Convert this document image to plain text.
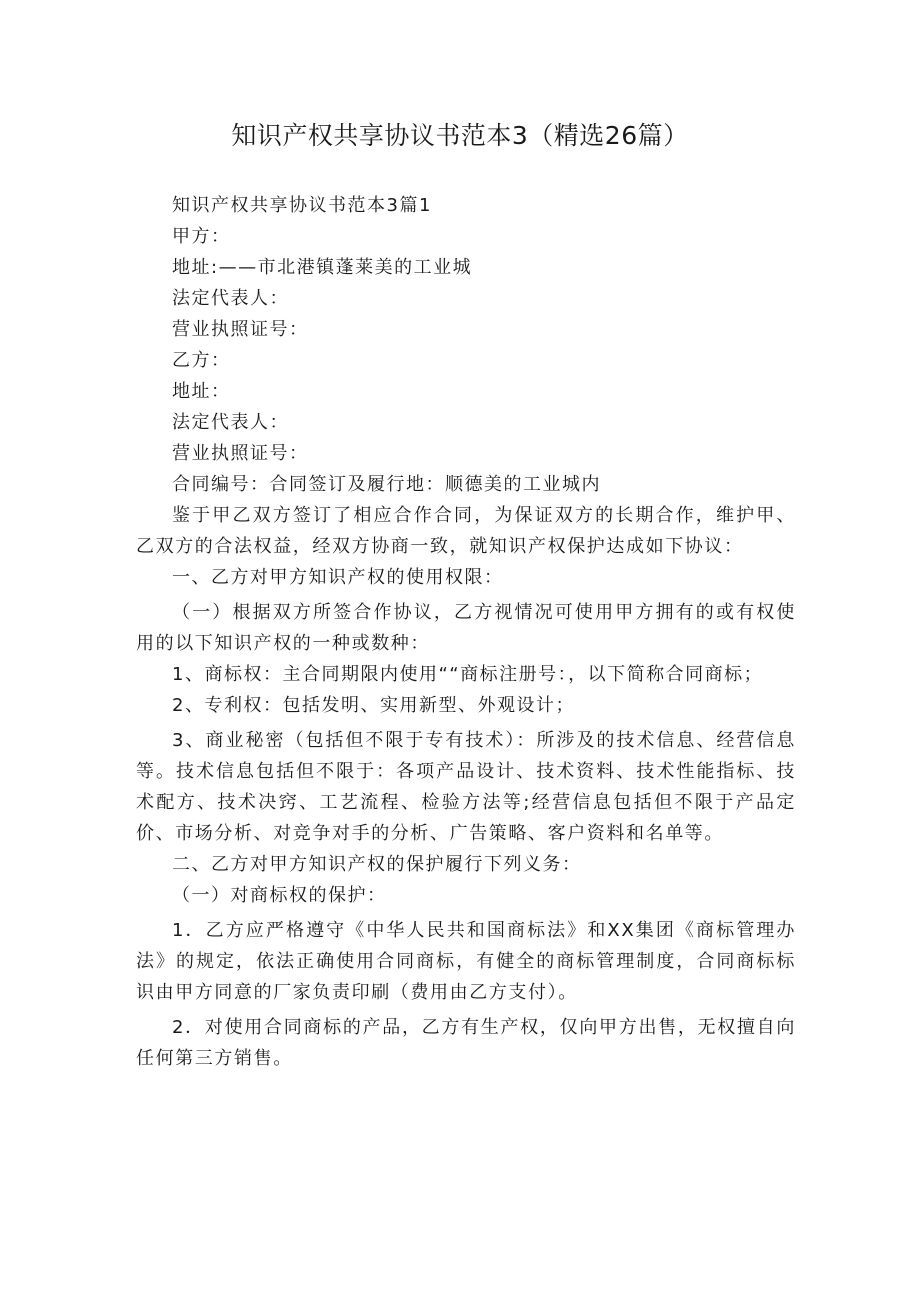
知识产权共享协议书范本3（精选26篇）

知识产权共享协议书范本3篇1

甲方：

地址:——市北港镇蓬莱美的工业城

法定代表人：

营业执照证号：

乙方：

地址：

法定代表人：

营业执照证号：

合同编号：合同签订及履行地：顺德美的工业城内

鉴于甲乙双方签订了相应合作合同，为保证双方的长期合作，维护甲、乙双方的合法权益，经双方协商一致，就知识产权保护达成如下协议：

一、乙方对甲方知识产权的使用权限：

（一）根据双方所签合作协议，乙方视情况可使用甲方拥有的或有权使用的以下知识产权的一种或数种：

1、商标权：主合同期限内使用““商标注册号：，以下简称合同商标；

2、专利权：包括发明、实用新型、外观设计；

3、商业秘密（包括但不限于专有技术）：所涉及的技术信息、经营信息等。技术信息包括但不限于：各项产品设计、技术资料、技术性能指标、技术配方、技术决窍、工艺流程、检验方法等;经营信息包括但不限于产品定价、市场分析、对竞争对手的分析、广告策略、客户资料和名单等。

二、乙方对甲方知识产权的保护履行下列义务：

（一）对商标权的保护：

1．乙方应严格遵守《中华人民共和国商标法》和XX集团《商标管理办法》的规定，依法正确使用合同商标，有健全的商标管理制度，合同商标标识由甲方同意的厂家负责印刷（费用由乙方支付）。

2．对使用合同商标的产品，乙方有生产权，仅向甲方出售，无权擅自向任何第三方销售。
